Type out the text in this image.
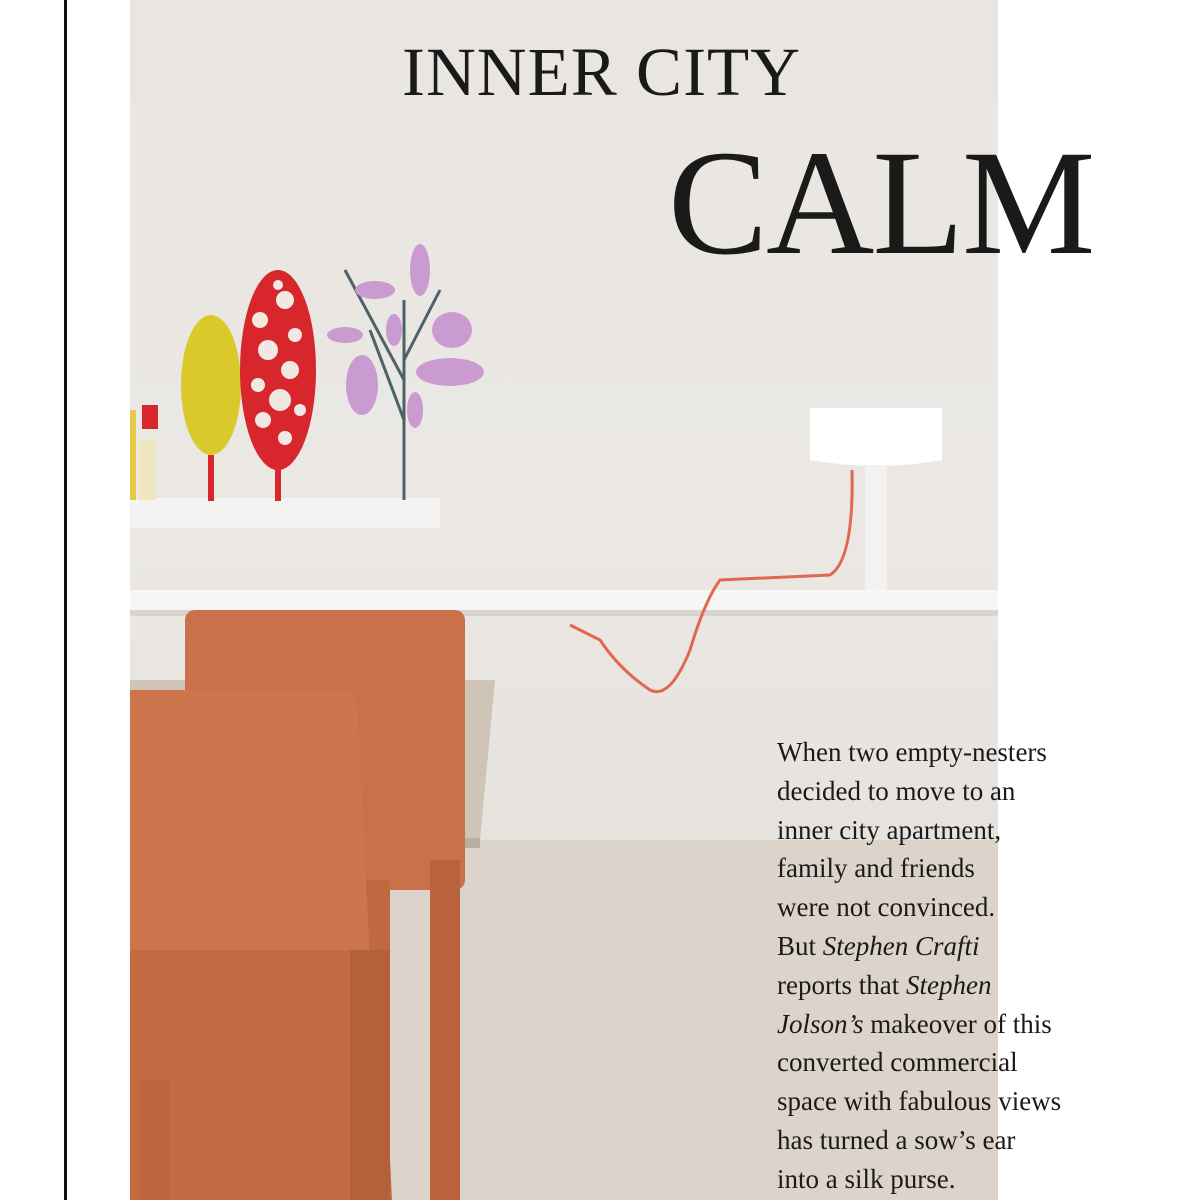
INNER CITY
CALM
When two empty-nesters
decided to move to an
inner city apartment,
family and friends
were not convinced.
But Stephen Crafti
reports that Stephen
Jolson’s makeover of this
converted commercial
space with fabulous views
has turned a sow’s ear
into a silk purse.
